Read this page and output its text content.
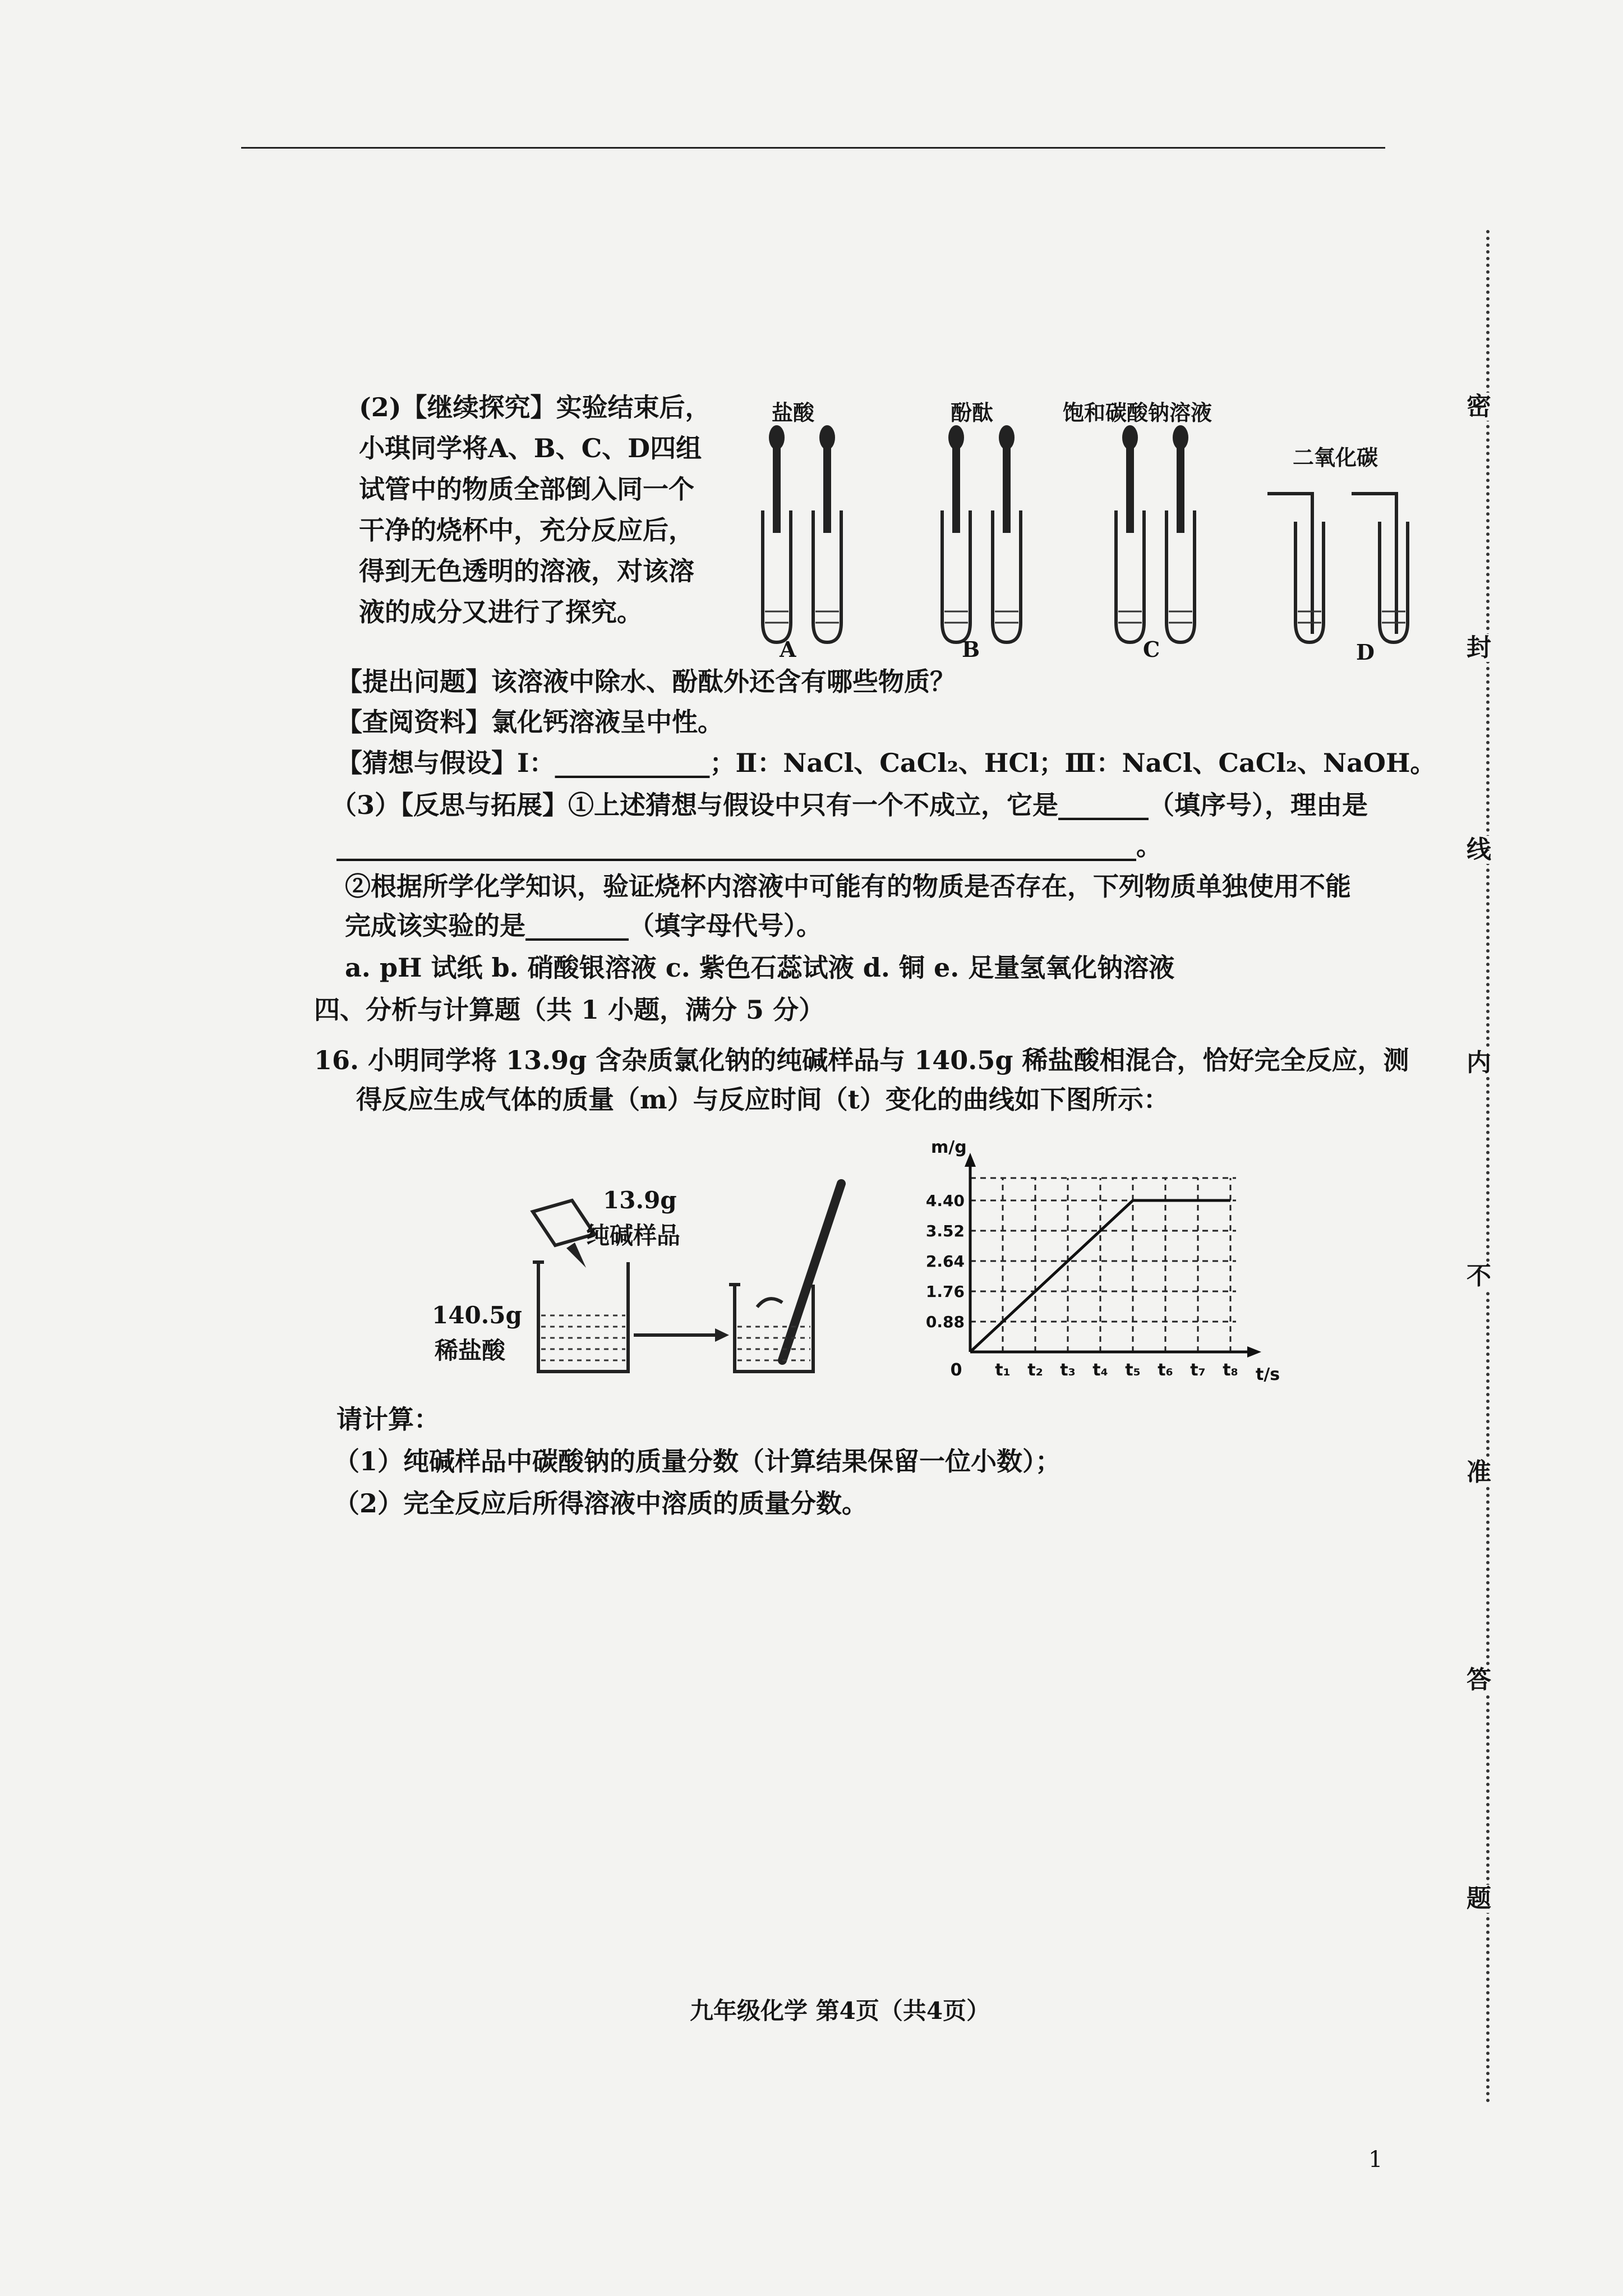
(2)【继续探究】实验结束后，小琪同学将A、B、C、D四组试管中的物质全部倒入同一个干净的烧杯中，充分反应后，得到无色透明的溶液，对该溶液的成分又进行了探究。
盐酸	酚酞	饱和碳酸钠溶液
二氧化碳
A	B	C	D
【提出问题】该溶液中除水、酚酞外还含有哪些物质？
【查阅资料】氯化钙溶液呈中性。
【猜想与假设】Ⅰ：____________；Ⅱ：NaCl、CaCl₂、HCl；Ⅲ：NaCl、CaCl₂、NaOH。
（3）【反思与拓展】①上述猜想与假设中只有一个不成立，它是_______（填序号），理由是
______________________________________________________________。
②根据所学化学知识，验证烧杯内溶液中可能有的物质是否存在，下列物质单独使用不能
完成该实验的是________（填字母代号）。
a. pH 试纸 b. 硝酸银溶液 c. 紫色石蕊试液 d. 铜 e. 足量氢氧化钠溶液
四、分析与计算题（共 1 小题，满分 5 分）
16. 小明同学将 13.9g 含杂质氯化钠的纯碱样品与 140.5g 稀盐酸相混合，恰好完全反应，测
得反应生成气体的质量（m）与反应时间（t）变化的曲线如下图所示：
13.9g
纯碱样品
140.5g
稀盐酸
0.88
1.76
2.64
3.52
4.40
0 t₁ t₂ t₃ t₄ t₅ t₆ t₇ t₈
m/g
t/s
请计算：
（1）纯碱样品中碳酸钠的质量分数（计算结果保留一位小数）；
（2）完全反应后所得溶液中溶质的质量分数。
密
封
线
内
不
准
答
题
九年级化学 第4页（共4页）
1
